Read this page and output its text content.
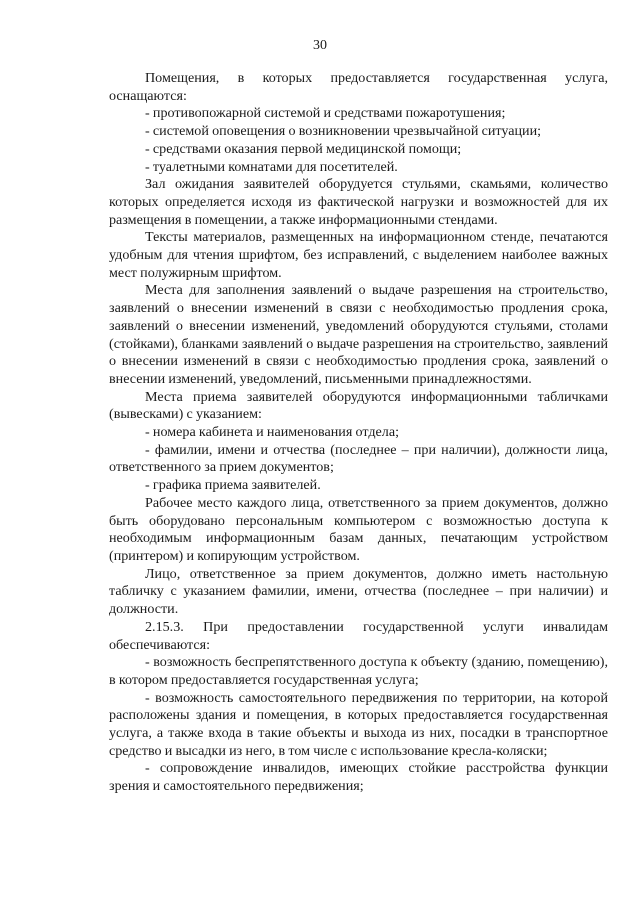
30

Помещения, в которых предоставляется государственная услуга, оснащаются:

- противопожарной системой и средствами пожаротушения;

- системой оповещения о возникновении чрезвычайной ситуации;

- средствами оказания первой медицинской помощи;

- туалетными комнатами для посетителей.

Зал ожидания заявителей оборудуется стульями, скамьями, количество которых определяется исходя из фактической нагрузки и возможностей для их размещения в помещении, а также информационными стендами.

Тексты материалов, размещенных на информационном стенде, печатаются удобным для чтения шрифтом, без исправлений, с выделением наиболее важных мест полужирным шрифтом.

Места для заполнения заявлений о выдаче разрешения на строительство, заявлений о внесении изменений в связи с необходимостью продления срока, заявлений о внесении изменений, уведомлений оборудуются стульями, столами (стойками), бланками заявлений о выдаче разрешения на строительство, заявлений о внесении изменений в связи с необходимостью продления срока, заявлений о внесении изменений, уведомлений, письменными принадлежностями.

Места приема заявителей оборудуются информационными табличками (вывесками) с указанием:

- номера кабинета и наименования отдела;

- фамилии, имени и отчества (последнее – при наличии), должности лица, ответственного за прием документов;

- графика приема заявителей.

Рабочее место каждого лица, ответственного за прием документов, должно быть оборудовано персональным компьютером с возможностью доступа к необходимым информационным базам данных, печатающим устройством (принтером) и копирующим устройством.

Лицо, ответственное за прием документов, должно иметь настольную табличку с указанием фамилии, имени, отчества (последнее – при наличии) и должности.

2.15.3. При предоставлении государственной услуги инвалидам обеспечиваются:

- возможность беспрепятственного доступа к объекту (зданию, помещению), в котором предоставляется государственная услуга;

- возможность самостоятельного передвижения по территории, на которой расположены здания и помещения, в которых предоставляется государственная услуга, а также входа в такие объекты и выхода из них, посадки в транспортное средство и высадки из него, в том числе с использование кресла-коляски;

- сопровождение инвалидов, имеющих стойкие расстройства функции зрения и самостоятельного передвижения;
